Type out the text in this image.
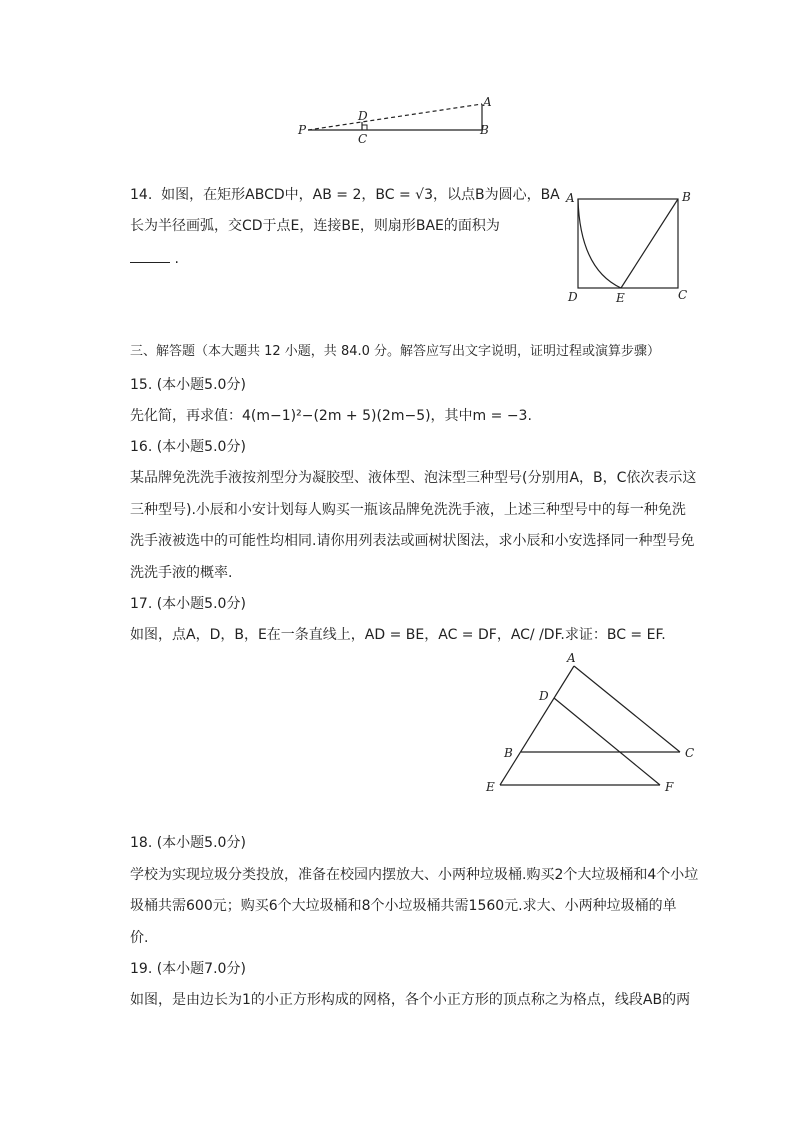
P
D
C
A
B
14. 如图，在矩形ABCD中，AB = 2，BC = √3，以点B为圆心，BA
长为半径画弧，交CD于点E，连接BE，则扇形BAE的面积为
.
A	B
D	E	C
三、解答题（本大题共 12 小题，共 84.0 分。解答应写出文字说明，证明过程或演算步骤）
15. (本小题5.0分)
先化简，再求值：4(m−1)²−(2m + 5)(2m−5)，其中m = −3.
16. (本小题5.0分)
某品牌免洗洗手液按剂型分为凝胶型、液体型、泡沫型三种型号(分别用A，B，C依次表示这
三种型号).小辰和小安计划每人购买一瓶该品牌免洗洗手液，上述三种型号中的每一种免洗
洗手液被选中的可能性均相同.请你用列表法或画树状图法，求小辰和小安选择同一种型号免
洗洗手液的概率.
17. (本小题5.0分)
如图，点A，D，B，E在一条直线上，AD = BE，AC = DF，AC/ /DF.求证：BC = EF.
A
D
B	C
E	F
18. (本小题5.0分)
学校为实现垃圾分类投放，准备在校园内摆放大、小两种垃圾桶.购买2个大垃圾桶和4个小垃
圾桶共需600元；购买6个大垃圾桶和8个小垃圾桶共需1560元.求大、小两种垃圾桶的单
价.
19. (本小题7.0分)
如图，是由边长为1的小正方形构成的网格，各个小正方形的顶点称之为格点，线段AB的两
